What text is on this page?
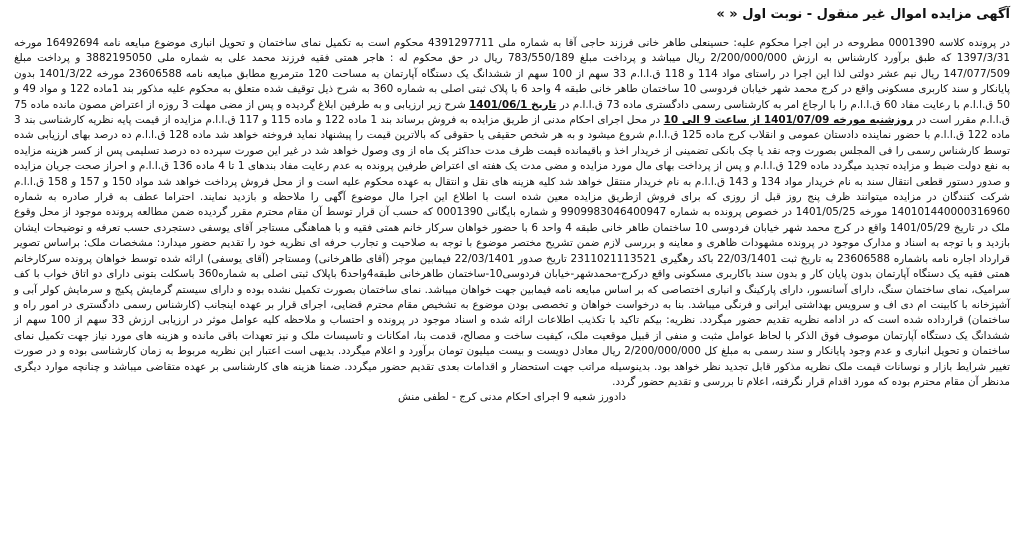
آگهی مزایده اموال غیر منقول - نوبت اول « »

در پرونده کلاسه 0001390 مطروحه در این اجرا محکوم علیه: حسینعلی طاهر خانی فرزند حاجی آقا به شماره ملی 4391297711 محکوم است به تکمیل نمای ساختمان و تحویل انباری موضوع مبایعه نامه 16492694 مورخه 1397/3/31 که طبق برآورد کارشناس به ارزش 2/200/000/000 ریال میباشد و پرداخت مبلغ 783/550/189 ریال در حق محکوم له : هاجر همتی فقیه فرزند محمد علی به شماره ملی 3882195050 و پرداخت مبلغ 147/077/509 ریال نیم عشر دولتی لذا این اجرا در راستای مواد 114 و 118 ق.ا.ا.م 33 سهم از 100 سهم از ششدانگ یک دستگاه آپارتمان به مساحت 120 مترمربع مطابق مبایعه نامه 23606588 مورخه 1401/3/22 بدون پایانکار و سند کاربری مسکونی واقع در کرج محمد شهر خیابان فردوسی 10 ساختمان طاهر خانی طبقه 4 واحد 6 با پلاک ثبتی اصلی به شماره 360 به شرح ذیل توقیف شده متعلق به محکوم علیه مذکور بند 1ماده 122 و مواد 49 و 50 ق.ا.ا.م با رعایت مفاد 60 ق.ا.ا.م را با ارجاع امر به کارشناسی رسمی دادگستری ماده 73 ق.ا.ا.م در تاریخ 1401/06/1 شرح زیر ارزیابی و به طرفین ابلاغ گردیده و پس از مضی مهلت 3 روزه از اعتراض مصون مانده ماده 75 ق.ا.ا.م مقرر است در روزشنبه مورخه 1401/07/09 از ساعت 9 الی 10 در محل اجرای احکام مدنی از طریق مزایده به فروش برساند بند 1 ماده 122 و ماده 115 و 117 ق.ا.ا.م مزایده از قیمت پایه نظریه کارشناسی بند 3 ماده 122 ق.ا.ا.م با حضور نماینده دادستان عمومی و انقلاب کرج ماده 125 ق.ا.ا.م شروع میشود و به هر شخص حقیقی یا حقوقی که بالاترین قیمت را پیشنهاد نماید فروخته خواهد شد ماده 128 ق.ا.ا.م ده درصد بهای ارزیابی شده توسط کارشناس رسمی را فی المجلس بصورت وجه نقد یا چک بانکی تضمینی از خریدار اخذ و باقیمانده قیمت ظرف مدت حداکثر یک ماه از وی وصول خواهد شد در غیر این صورت سپرده ده درصد تسلیمی پس از کسر هزینه مزایده به نفع دولت ضبط و مزایده تجدید میگردد ماده 129 ق.ا.ا.م و پس از پرداخت بهای مال مورد مزایده و مضی مدت یک هفته ای اعتراض طرفین پرونده به عدم رعایت مفاد بندهای 1 تا 4 ماده 136 ق.ا.ا.م و احراز صحت جریان مزایده و صدور دستور قطعی انتقال سند به نام خریدار مواد 134 و 143 ق.ا.ا.م به نام خریدار منتقل خواهد شد کلیه هزینه های نقل و انتقال به عهده محکوم علیه است و از محل فروش پرداخت خواهد شد مواد 150 و 157 و 158 ق.ا.ا.م شرکت کنندگان در مزایده میتوانند ظرف پنج روز قبل از روزی که برای فروش ازطریق مزایده معین شده است با اطلاع این اجرا مال موضوع آگهی را ملاحظه و بازدید نمایند. احتراما عطف به قرار صادره به شماره 140101440000316960 مورخه 1401/05/25 در خصوص پرونده به شماره 9909983046400947 و شماره بایگانی 0001390 که حسب آن قرار توسط آن مقام محترم مقرر گردیده ضمن مطالعه پرونده موجود از محل وقوع ملک در تاریخ 1401/05/29 واقع در کرج محمد شهر خیابان فردوسی 10 ساختمان طاهر خانی طبقه 4 واحد 6 با حضور خواهان سرکار خانم همتی فقیه و با هماهنگی مستاجر آقای یوسفی دستجردی حسب تعرفه و توضیحات ایشان بازدید و با توجه به اسناد و مدارک موجود در پرونده مشهودات ظاهری و معاینه و بررسی لازم ضمن تشریح مختصر موضوع با توجه به صلاحیت و تجارب حرفه ای نظریه خود را تقدیم حضور میدارد: مشخصات ملک: براساس تصویر قرارداد اجاره نامه باشماره 23606588 به تاریخ ثبت 22/03/1401 باکد رهگیری 2311021113521 تاریخ صدور 22/03/1401 فیمابین موجر (آقای طاهرخانی) ومستاجر (آقای یوسفی) ارائه شده توسط خواهان پرونده سرکارخانم همتی فقیه یک دستگاه آپارتمان بدون پایان کار و بدون سند باکاربری مسکونی واقع درکرج-محمدشهر-خیابان فردوسی10-ساختمان طاهرخانی طبقه4واحد6 باپلاک ثبتی اصلی به شماره360 باسکلت بتونی دارای دو اتاق خواب با کف سرامیک، نمای ساختمان سنگ، دارای آسانسور، دارای پارکینگ و انباری اختصاصی که بر اساس مبایعه نامه فیمابین جهت خواهان میباشد. نمای ساختمان بصورت تکمیل نشده بوده و دارای سیستم گرمایش پکیج و سرمایش کولر آبی و آشپزخانه با کابینت ام دی اف و سرویس بهداشتی ایرانی و فرنگی میباشد. بنا به درخواست خواهان و تخصصی بودن موضوع به تشخیص مقام محترم قضایی، اجرای قرار بر عهده اینجانب (کارشناس رسمی دادگستری در امور راه و ساختمان) قرارداده شده است که در ادامه نظریه تقدیم حضور میگردد. نظریه: بیکم تاکید با تکذیب اطلاعات ارائه شده و اسناد موجود در پرونده و احتساب و ملاحظه کلیه عوامل موثر در ارزیابی ارزش 33 سهم از 100 سهم از ششدانگ یک دستگاه آپارتمان موصوف فوق الذکر با لحاظ عوامل مثبت و منفی از قبیل موقعیت ملک، کیفیت ساخت و مصالح، قدمت بنا، امکانات و تاسیسات ملک و نیز تعهدات باقی مانده و هزینه های مورد نیاز جهت تکمیل نمای ساختمان و تحویل انباری و عدم وجود پایانکار و سند رسمی به مبلغ کل 2/200/000/000 ریال معادل دویست و بیست میلیون تومان برآورد و اعلام میگردد. بدیهی است اعتبار این نظریه مربوط به زمان کارشناسی بوده و در صورت تغییر شرایط بازار و نوسانات قیمت ملک نظریه مذکور قابل تجدید نظر خواهد بود. بدینوسیله مراتب جهت استحضار و اقدامات بعدی تقدیم حضور میگردد. ضمنا هزینه های کارشناسی بر عهده متقاضی میباشد و چنانچه موارد دیگری مدنظر آن مقام محترم بوده که مورد اقدام قرار نگرفته، اعلام تا بررسی و تقدیم حضور گردد.

دادورز شعبه 9 اجرای احکام مدنی کرج - لطفی منش
